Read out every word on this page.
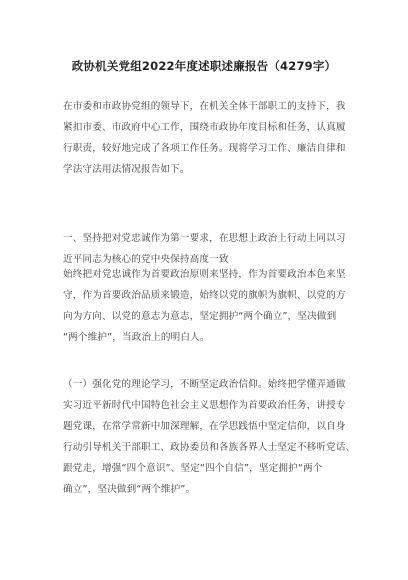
政协机关党组2022年度述职述廉报告（4279字）
在市委和市政协党组的领导下，在机关全体干部职工的支持下，我
紧扣市委、市政府中心工作，围绕市政协年度目标和任务，认真履
行职责，较好地完成了各项工作任务。现将学习工作、廉洁自律和
学法守法用法情况报告如下。
一、坚持把对党忠诚作为第一要求，在思想上政治上行动上同以习
近平同志为核心的党中央保持高度一致
始终把对党忠诚作为首要政治原则来坚持，作为首要政治本色来坚
守，作为首要政治品质来锻造，始终以党的旗帜为旗帜、以党的方
向为方向、以党的意志为意志，坚定拥护“两个确立”，坚决做到
“两个维护”，当政治上的明白人。
（一）强化党的理论学习，不断坚定政治信仰。始终把学懂弄通做
实习近平新时代中国特色社会主义思想作为首要政治任务，讲授专
题党课，在常学常新中加深理解，在学思践悟中坚定信仰，以自身
行动引导机关干部职工、政协委员和各族各界人士坚定不移听党话、
跟党走，增强“四个意识”、坚定“四个自信”，坚定拥护“两个
确立”，坚决做到“两个维护”。
